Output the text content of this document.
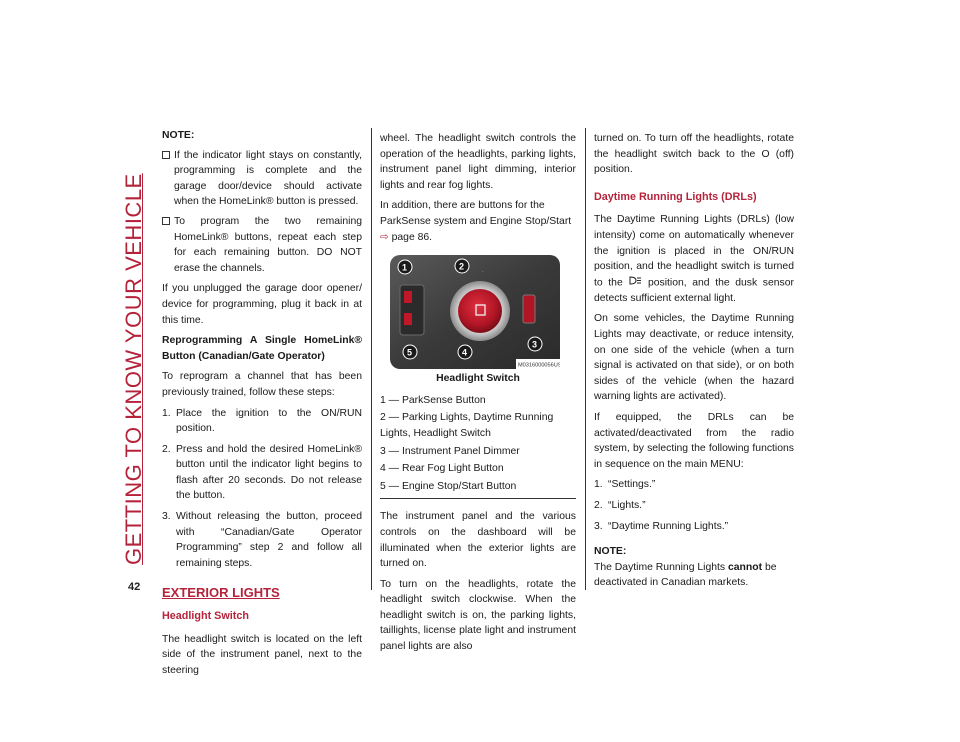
GETTING TO KNOW YOUR VEHICLE
42
NOTE:
If the indicator light stays on constantly, programming is complete and the garage door/device should activate when the HomeLink® button is pressed.
To program the two remaining HomeLink® buttons, repeat each step for each remaining button. DO NOT erase the channels.

If you unplugged the garage door opener/ device for programming, plug it back in at this time.

Reprogramming A Single HomeLink® Button (Canadian/Gate Operator)

To reprogram a channel that has been previously trained, follow these steps:

1. Place the ignition to the ON/RUN position.
2. Press and hold the desired HomeLink® button until the indicator light begins to flash after 20 seconds. Do not release the button.
3. Without releasing the button, proceed with “Canadian/Gate Operator Programming” step 2 and follow all remaining steps.
EXTERIOR LIGHTS
Headlight Switch

The headlight switch is located on the left side of the instrument panel, next to the steering

wheel. The headlight switch controls the operation of the headlights, parking lights, instrument panel light dimming, interior lights and rear fog lights.

In addition, there are buttons for the ParkSense system and Engine Stop/Start
⇨ page 86.

·
1	2
3
4
5
M0316000056US
Headlight Switch
1 — ParkSense Button
2 — Parking Lights, Daytime Running Lights, Headlight Switch
3 — Instrument Panel Dimmer
4 — Rear Fog Light Button
5 — Engine Stop/Start Button

The instrument panel and the various controls on the dashboard will be illuminated when the exterior lights are turned on.

To turn on the headlights, rotate the headlight switch clockwise. When the headlight switch is on, the parking lights, taillights, license plate light and instrument panel lights are also

turned on. To turn off the headlights, rotate the headlight switch back to the O (off) position.

Daytime Running Lights (DRLs)

The Daytime Running Lights (DRLs) (low intensity) come on automatically whenever the ignition is placed in the ON/RUN position, and the headlight switch is turned to the position, and the dusk sensor detects sufficient external light.

On some vehicles, the Daytime Running Lights may deactivate, or reduce intensity, on one side of the vehicle (when a turn signal is activated on that side), or on both sides of the vehicle (when the hazard warning lights are activated).

If equipped, the DRLs can be activated/deactivated from the radio system, by selecting the following functions in sequence on the main MENU:

1. “Settings.”
2. “Lights.”
3. “Daytime Running Lights.”
NOTE:

The Daytime Running Lights cannot be deactivated in Canadian markets.
